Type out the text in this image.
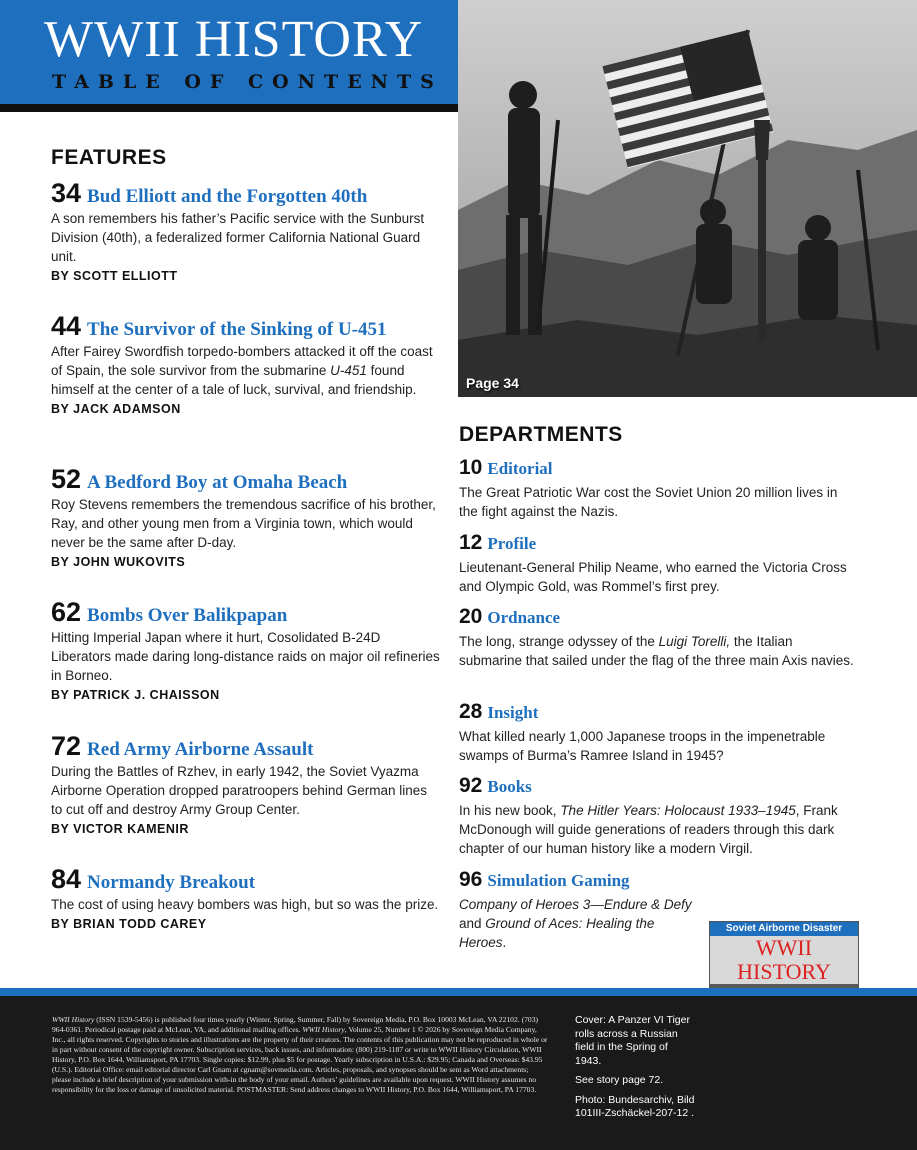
WWII HISTORY
TABLE OF CONTENTS
Page 34
FEATURES
34 Bud Elliott and the Forgotten 40th
A son remembers his father’s Pacific service with the Sunburst Division (40th), a federalized former California National Guard unit.
BY SCOTT ELLIOTT
44 The Survivor of the Sinking of U-451
After Fairey Swordfish torpedo-bombers attacked it off the coast of Spain, the sole survivor from the submarine U-451 found himself at the center of a tale of luck, survival, and friendship.
BY JACK ADAMSON
52 A Bedford Boy at Omaha Beach
Roy Stevens remembers the tremendous sacrifice of his brother, Ray, and other young men from a Virginia town, which would never be the same after D-day.
BY JOHN WUKOVITS
62 Bombs Over Balikpapan
Hitting Imperial Japan where it hurt, Cosolidated B-24D Liberators made daring long-distance raids on major oil refineries in Borneo.
BY PATRICK J. CHAISSON
72 Red Army Airborne Assault
During the Battles of Rzhev, in early 1942, the Soviet Vyazma Airborne Operation dropped paratroopers behind German lines to cut off and destroy Army Group Center.
BY VICTOR KAMENIR
84 Normandy Breakout
The cost of using heavy bombers was high, but so was the prize.
BY BRIAN TODD CAREY
DEPARTMENTS
10 Editorial
The Great Patriotic War cost the Soviet Union 20 million lives in the fight against the Nazis.
12 Profile
Lieutenant-General Philip Neame, who earned the Victoria Cross and Olympic Gold, was Rommel’s first prey.
20 Ordnance
The long, strange odyssey of the Luigi Torelli, the Italian submarine that sailed under the flag of the three main Axis navies.
28 Insight
What killed nearly 1,000 Japanese troops in the impenetrable swamps of Burma’s Ramree Island in 1945?
92 Books
In his new book, The Hitler Years: Holocaust 1933–1945, Frank McDonough will guide generations of readers through this dark chapter of our human history like a modern Virgil.
96 Simulation Gaming
Company of Heroes 3—Endure & Defy and Ground of Aces: Healing the Heroes.
Soviet Airborne Disaster
WWII HISTORY
WWII History (ISSN 1539-5456) is published four times yearly (Winter, Spring, Summer, Fall) by Sovereign Media, P.O. Box 10003 McLean, VA 22102. (703) 964-0361. Periodical postage paid at McLean, VA, and additional mailing offices. WWII History, Volume 25, Number 1 © 2026 by Sovereign Media Company, Inc., all rights reserved. Copyrights to stories and illustrations are the property of their creators. The contents of this publication may not be reproduced in whole or in part without consent of the copyright owner. Subscription services, back issues, and information: (800) 219-1187 or write to WWII History Circulation, WWII History, P.O. Box 1644, Williamsport, PA 17703. Single copies: $12.99, plus $5 for postage. Yearly subscription in U.S.A.: $29.95; Canada and Overseas: $43.95 (U.S.). Editorial Office: email editorial director Carl Gnam at cgnam@sovmedia.com. Articles, proposals, and synopses should be sent as Word attachments; please include a brief description of your submission with-in the body of your email. Authors’ guidelines are available upon request. WWII History assumes no responsibility for the loss or damage of unsolicited material. POSTMASTER: Send address changes to WWII History, P.O. Box 1644, Williamsport, PA 17703.

Cover: A Panzer VI Tiger rolls across a Russian field in the Spring of 1943.

See story page 72.

Photo: Bundesarchiv, Bild 101III-Zschäckel-207-12 .
